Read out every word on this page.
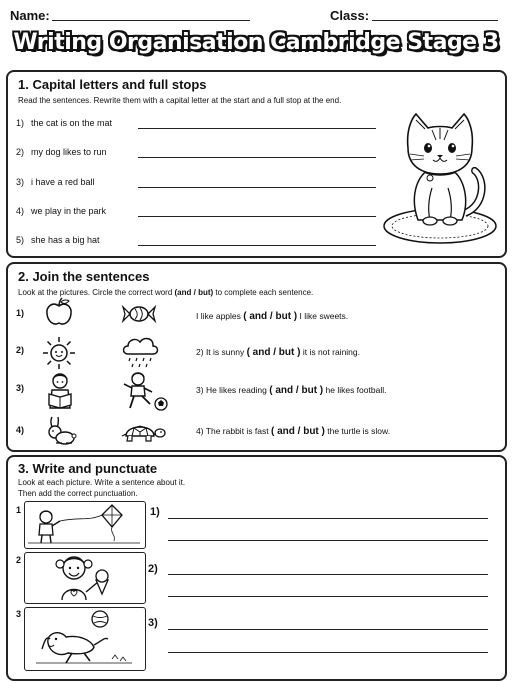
Name:	Class:
Writing Organisation Cambridge Stage 3
1. Capital letters and full stops
Read the sentences. Rewrite them with a capital letter at the start and a full stop at the end.
1) the cat is on the mat
2) my dog likes to run
3) i have a red ball
4) we play in the park
5) she has a big hat
2. Join the sentences
Look at the pictures. Circle the correct word (and / but) to complete each sentence.
1)
2)
3)
4)
I like apples ( and / but ) I like sweets.
2) It is sunny ( and / but ) it is not raining.
3) He likes reading ( and / but ) he likes football.
4) The rabbit is fast ( and / but ) the turtle is slow.
3. Write and punctuate
Look at each picture. Write a sentence about it.
Then add the correct punctuation.
1
2
3
1)
2)
3)
